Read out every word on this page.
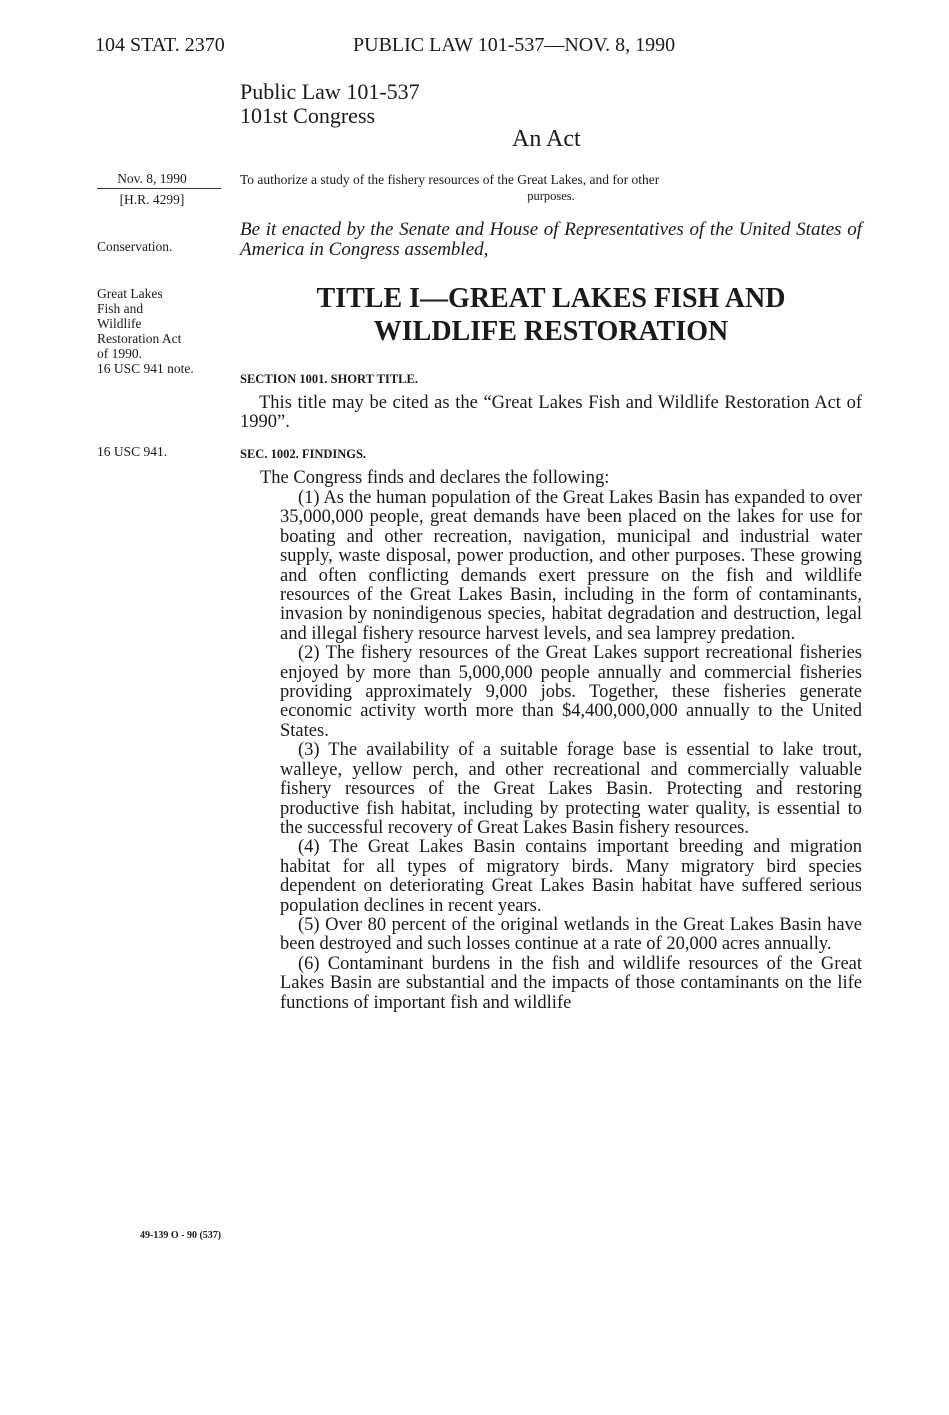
104 STAT. 2370	PUBLIC LAW 101-537—NOV. 8, 1990
Public Law 101-537
101st Congress
An Act
Nov. 8, 1990
[H.R. 4299]
Conservation.
Great Lakes
Fish and
Wildlife
Restoration Act
of 1990.
16 USC 941 note.
16 USC 941.
To authorize a study of the fishery resources of the Great Lakes, and for other
purposes.
Be it enacted by the Senate and House of Representatives of the United States of America in Congress assembled,
TITLE I—GREAT LAKES FISH AND
WILDLIFE RESTORATION
SECTION 1001. SHORT TITLE.
This title may be cited as the “Great Lakes Fish and Wildlife Restoration Act of 1990”.
SEC. 1002. FINDINGS.
The Congress finds and declares the following:

(1) As the human population of the Great Lakes Basin has expanded to over 35,000,000 people, great demands have been placed on the lakes for use for boating and other recreation, navigation, municipal and industrial water supply, waste disposal, power production, and other purposes. These growing and often conflicting demands exert pressure on the fish and wildlife resources of the Great Lakes Basin, including in the form of contaminants, invasion by nonindigenous species, habitat degradation and destruction, legal and illegal fishery resource harvest levels, and sea lamprey predation.

(2) The fishery resources of the Great Lakes support recreational fisheries enjoyed by more than 5,000,000 people annually and commercial fisheries providing approximately 9,000 jobs. Together, these fisheries generate economic activity worth more than $4,400,000,000 annually to the United States.

(3) The availability of a suitable forage base is essential to lake trout, walleye, yellow perch, and other recreational and commercially valuable fishery resources of the Great Lakes Basin. Protecting and restoring productive fish habitat, including by protecting water quality, is essential to the successful recovery of Great Lakes Basin fishery resources.

(4) The Great Lakes Basin contains important breeding and migration habitat for all types of migratory birds. Many migratory bird species dependent on deteriorating Great Lakes Basin habitat have suffered serious population declines in recent years.

(5) Over 80 percent of the original wetlands in the Great Lakes Basin have been destroyed and such losses continue at a rate of 20,000 acres annually.

(6) Contaminant burdens in the fish and wildlife resources of the Great Lakes Basin are substantial and the impacts of those contaminants on the life functions of important fish and wildlife

49-139 O - 90 (537)
